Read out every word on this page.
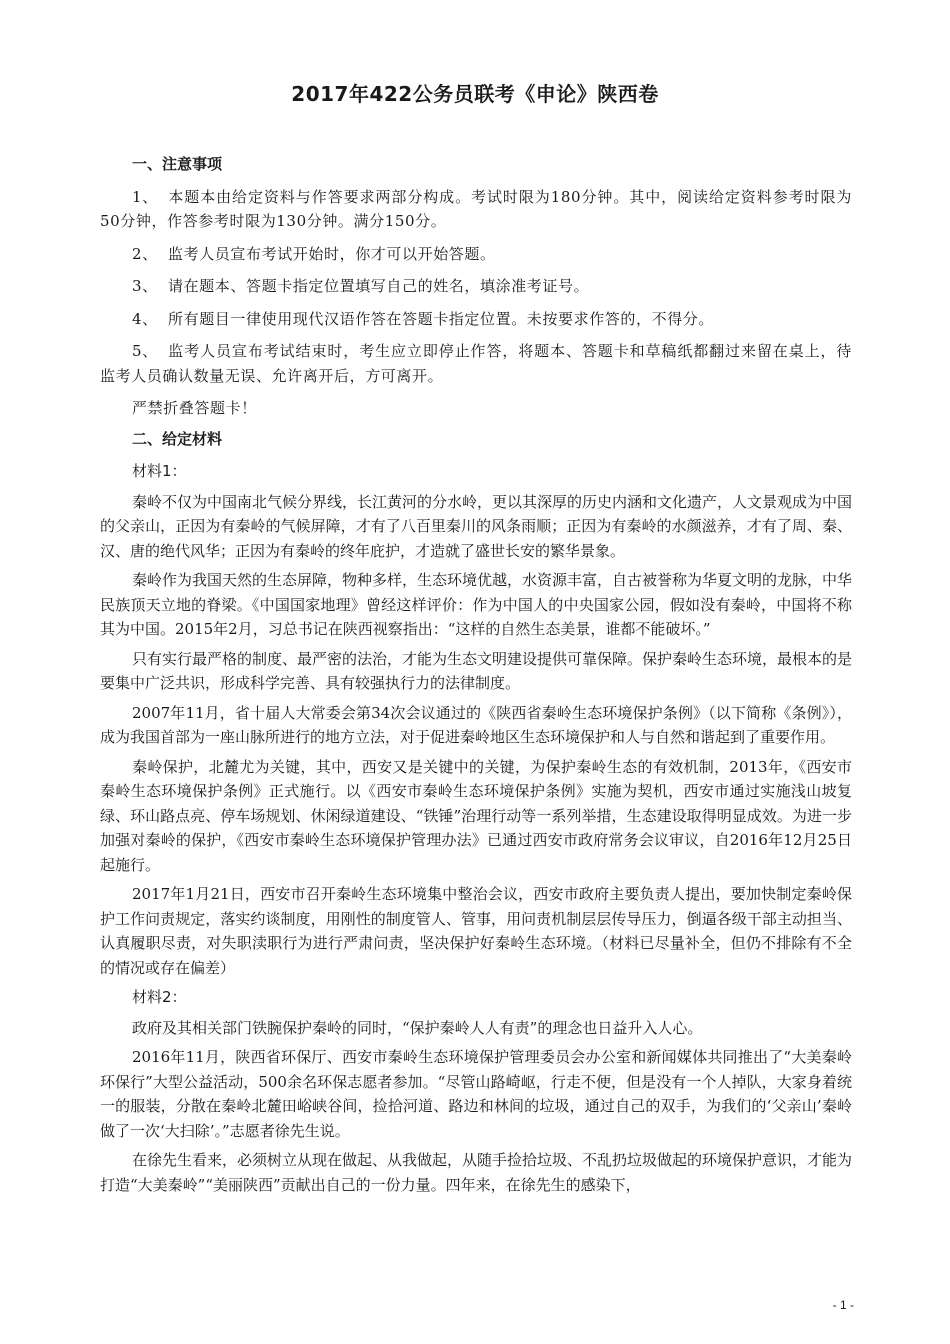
2017年422公务员联考《申论》陕西卷
一、注意事项
1、 本题本由给定资料与作答要求两部分构成。考试时限为180分钟。其中，阅读给定资料参考时限为50分钟，作答参考时限为130分钟。满分150分。
2、 监考人员宣布考试开始时，你才可以开始答题。
3、 请在题本、答题卡指定位置填写自己的姓名，填涂准考证号。
4、 所有题目一律使用现代汉语作答在答题卡指定位置。未按要求作答的，不得分。
5、 监考人员宣布考试结束时，考生应立即停止作答，将题本、答题卡和草稿纸都翻过来留在桌上，待监考人员确认数量无误、允许离开后，方可离开。
严禁折叠答题卡！
二、给定材料
材料1：

秦岭不仅为中国南北气候分界线，长江黄河的分水岭，更以其深厚的历史内涵和文化遗产，人文景观成为中国的父亲山，正因为有秦岭的气候屏障，才有了八百里秦川的风条雨顺；正因为有秦岭的水颜滋养，才有了周、秦、汉、唐的绝代风华；正因为有秦岭的终年庇护，才造就了盛世长安的繁华景象。

秦岭作为我国天然的生态屏障，物种多样，生态环境优越，水资源丰富，自古被誉称为华夏文明的龙脉，中华民族顶天立地的脊梁。《中国国家地理》曾经这样评价：作为中国人的中央国家公园，假如没有秦岭，中国将不称其为中国。2015年2月，习总书记在陕西视察指出：“这样的自然生态美景，谁都不能破坏。”

只有实行最严格的制度、最严密的法治，才能为生态文明建设提供可靠保障。保护秦岭生态环境，最根本的是要集中广泛共识，形成科学完善、具有较强执行力的法律制度。

2007年11月，省十届人大常委会第34次会议通过的《陕西省秦岭生态环境保护条例》（以下简称《条例》），成为我国首部为一座山脉所进行的地方立法，对于促进秦岭地区生态环境保护和人与自然和谐起到了重要作用。

秦岭保护，北麓尤为关键，其中，西安又是关键中的关键，为保护秦岭生态的有效机制，2013年，《西安市秦岭生态环境保护条例》正式施行。以《西安市秦岭生态环境保护条例》实施为契机，西安市通过实施浅山坡复绿、环山路点亮、停车场规划、休闲绿道建设、“铁锤”治理行动等一系列举措，生态建设取得明显成效。为进一步加强对秦岭的保护，《西安市秦岭生态环境保护管理办法》已通过西安市政府常务会议审议，自2016年12月25日起施行。

2017年1月21日，西安市召开秦岭生态环境集中整治会议，西安市政府主要负责人提出，要加快制定秦岭保护工作问责规定，落实约谈制度，用刚性的制度管人、管事，用问责机制层层传导压力，倒逼各级干部主动担当、认真履职尽责，对失职渎职行为进行严肃问责，坚决保护好秦岭生态环境。（材料已尽量补全，但仍不排除有不全的情况或存在偏差）

材料2：

政府及其相关部门铁腕保护秦岭的同时，“保护秦岭人人有责”的理念也日益升入人心。

2016年11月，陕西省环保厅、西安市秦岭生态环境保护管理委员会办公室和新闻媒体共同推出了“大美秦岭环保行”大型公益活动，500余名环保志愿者参加。“尽管山路崎岖，行走不便，但是没有一个人掉队，大家身着统一的服装，分散在秦岭北麓田峪峡谷间，捡拾河道、路边和林间的垃圾，通过自己的双手，为我们的‘父亲山’秦岭做了一次‘大扫除’。”志愿者徐先生说。

在徐先生看来，必须树立从现在做起、从我做起，从随手捡拾垃圾、不乱扔垃圾做起的环境保护意识，才能为打造“大美秦岭”“美丽陕西”贡献出自己的一份力量。四年来，在徐先生的感染下，

- 1 -
